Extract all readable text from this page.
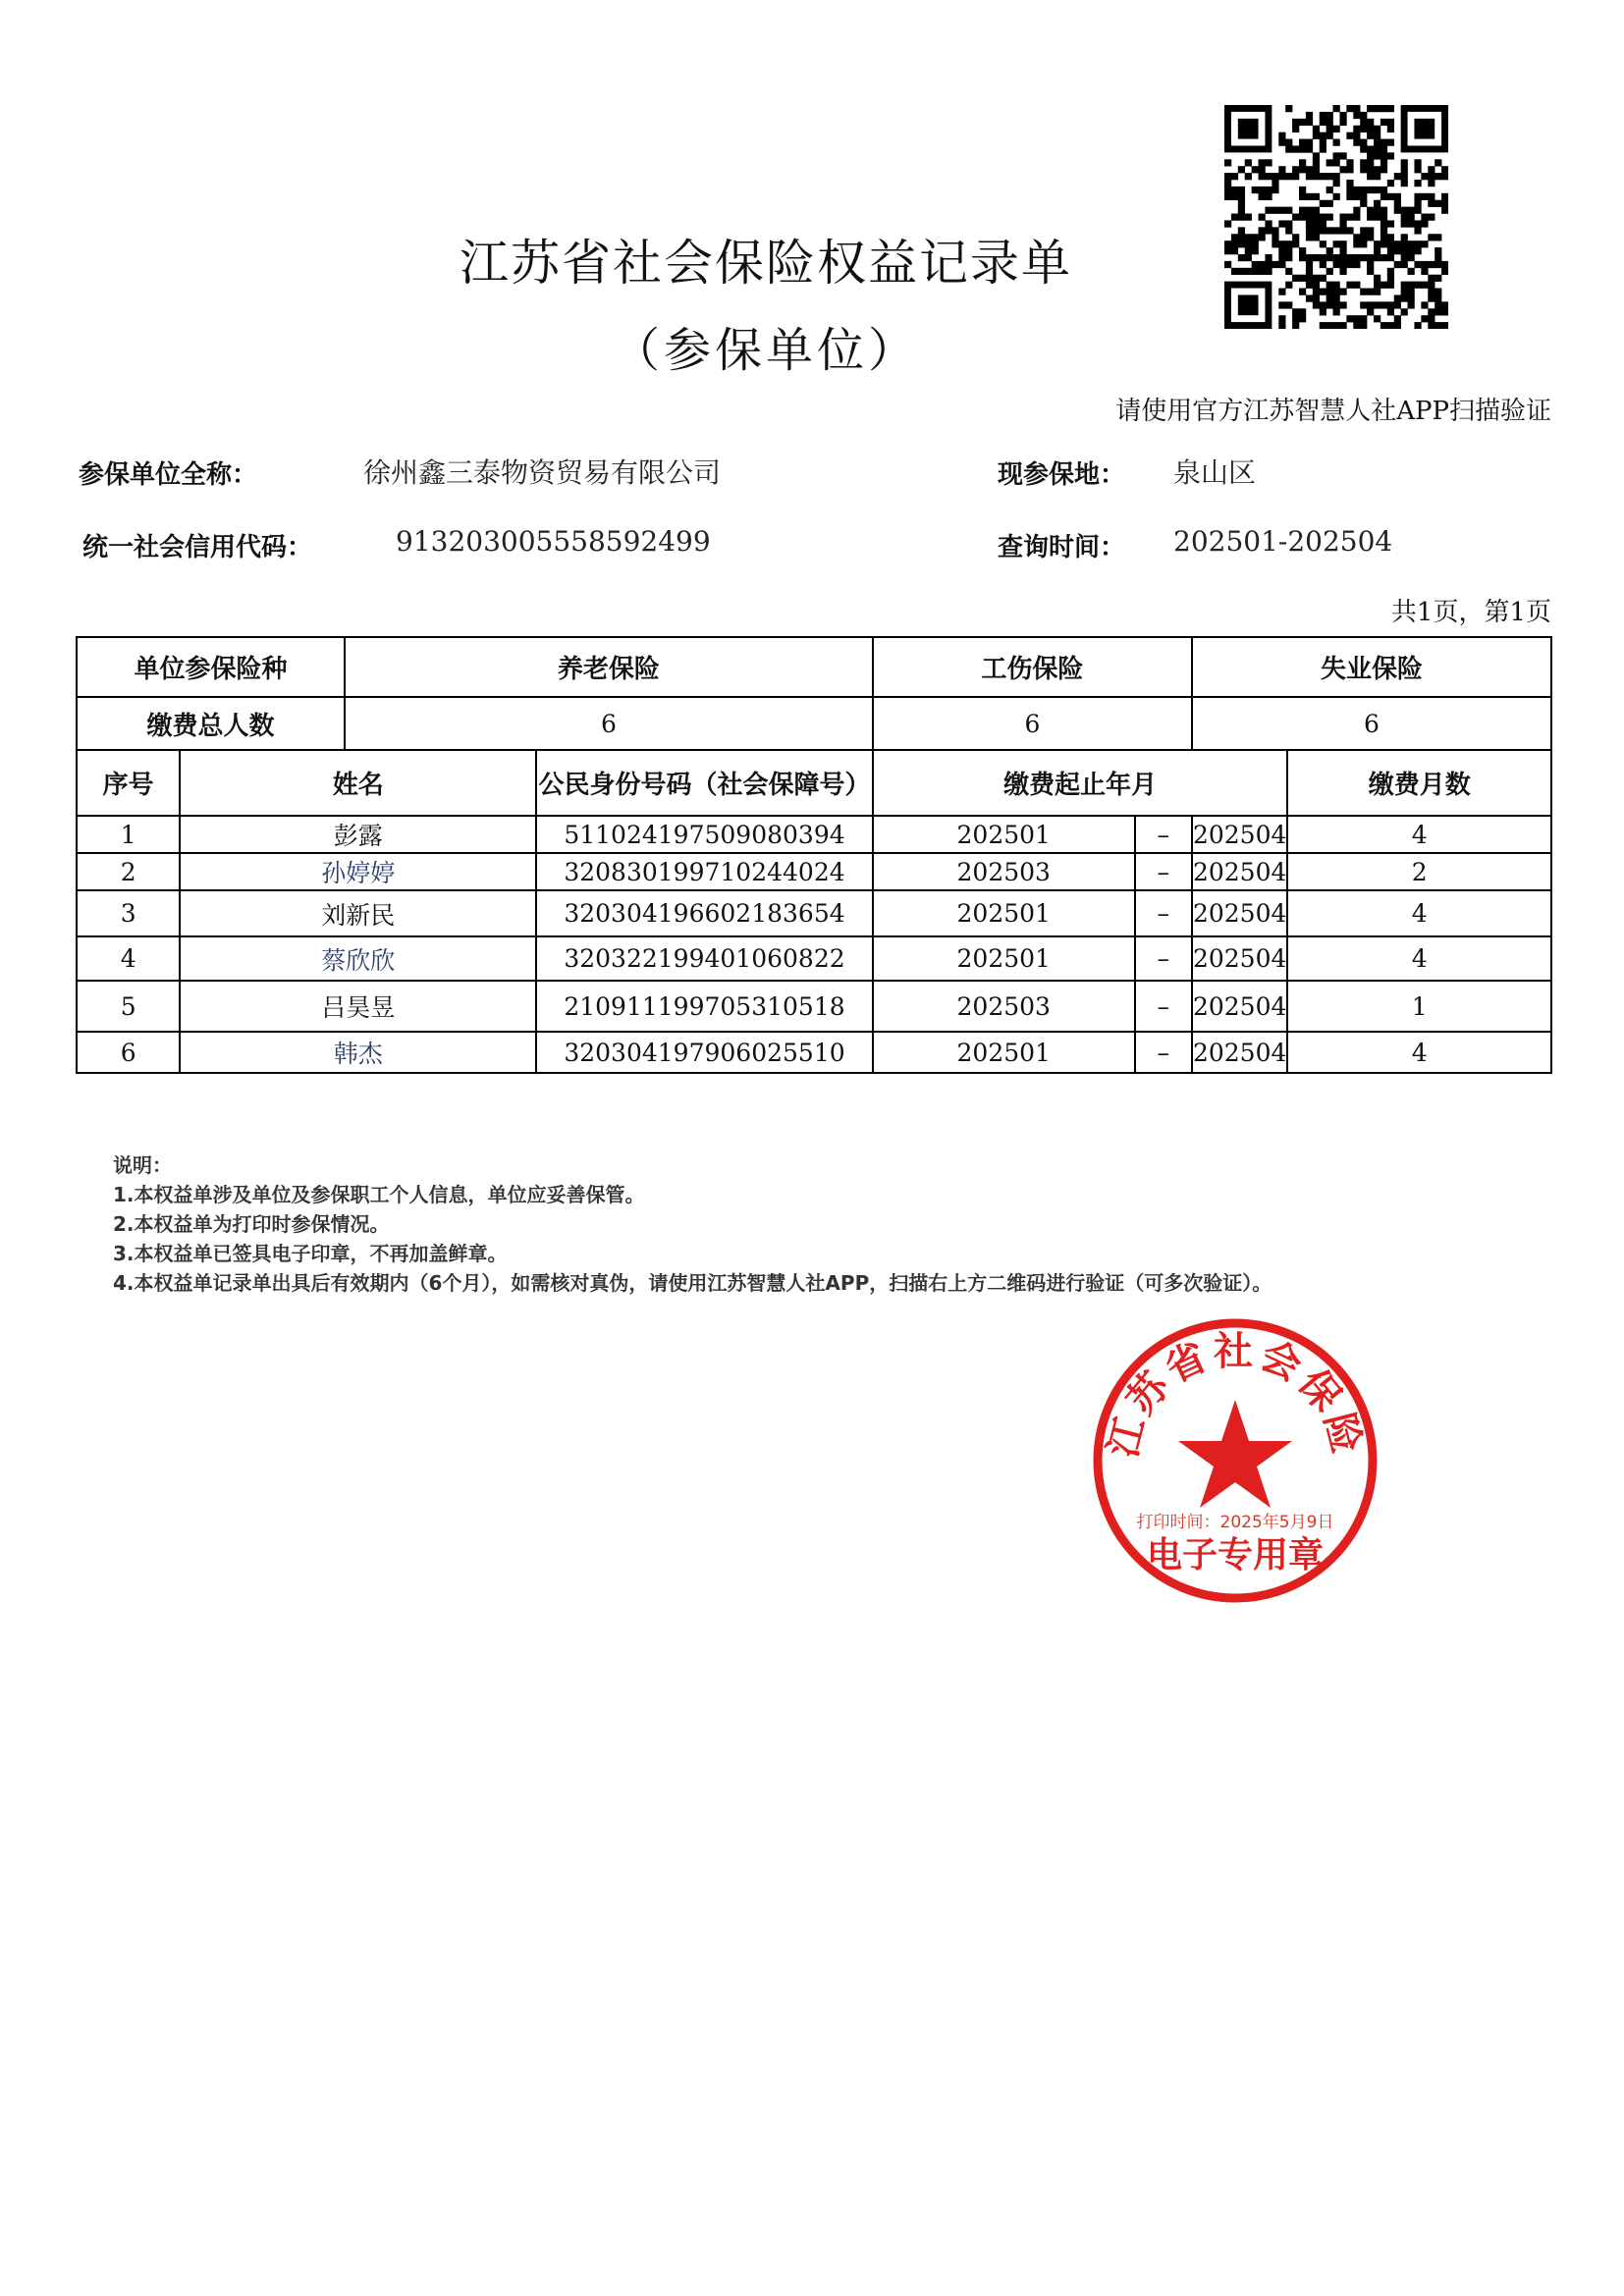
江苏省社会保险权益记录单
（参保单位）
请使用官方江苏智慧人社APP扫描验证
参保单位全称：	徐州鑫三泰物资贸易有限公司	现参保地： 泉山区
统一社会信用代码：	913203005558592499	查询时间： 202501-202504
共1页，第1页
单位参保险种		养老保险		工伤保险		失业保险	
缴费总人数		6		6		6	
序号	姓名		公民身份号码（社会保障号）	缴费起止年月			缴费月数
1	彭露		511024197509080394	202501	–	202504	4
2	孙婷婷		320830199710244024	202503	–	202504	2
3	刘新民		320304196602183654	202501	–	202504	4
4	蔡欣欣		320322199401060822	202501	–	202504	4
5	吕昊昱		210911199705310518	202503	–	202504	1
6	韩杰		320304197906025510	202501	–	202504	4
说明：
1.本权益单涉及单位及参保职工个人信息，单位应妥善保管。
2.本权益单为打印时参保情况。
3.本权益单已签具电子印章，不再加盖鲜章。
4.本权益单记录单出具后有效期内（6个月），如需核对真伪，请使用江苏智慧人社APP，扫描右上方二维码进行验证（可多次验证）。
江苏省社会保险
打印时间：2025年5月9日
电子专用章
